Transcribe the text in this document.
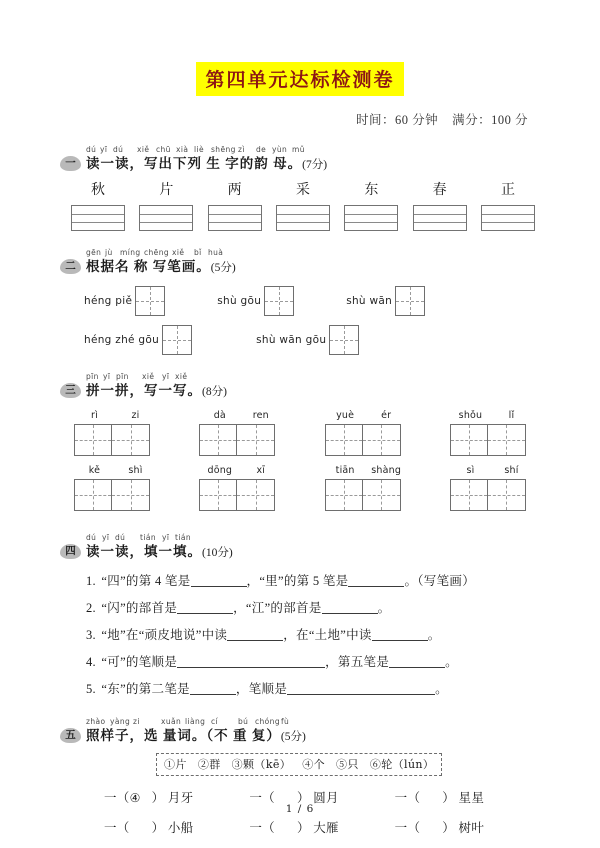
第四单元达标检测卷
时间：60 分钟 满分：100 分
一
dú yī dú xiě chū xià liè shēng zì de yùn mǔ
读一读，写出下列 生 字的韵 母。(7分)
秋	片	两	采	东	春	正
二
gēn jù míng chēng xiě bǐ huà
根据名 称 写笔画。(5分)
héng piě	shù gōu	shù wān
héng zhé gōu	shù wān gōu
三
pīn yī pīn xiě yī xiě
拼一拼，写一写。(8分)
rì	zi	dà	ren	yuè	ér	shǒu	lǐ
kě	shì	dōng	xī	tiān	shàng	sì	shí
四
dú yī dú tián yī tián
读一读，填一填。(10分)
1. “四”的第 4 笔是	，“里”的第 5 笔是	。（写笔画）
2. “闪”的部首是	，“江”的部首是	。
3. “地”在“顽皮地说”中读	，在“土地”中读	。
4. “可”的笔顺是	，第五笔是	。
5. “东”的第二笔是	，笔顺是	。
五
zhào yàng zi	xuǎn liàng cí	bú chóngfù
照样子，选 量词。（不 重 复）(5分)
①片 ②群 ③颗（kē） ④个 ⑤只 ⑥轮（lún）
一（④ ） 月牙	一（ ） 圆月	一（ ） 星星
一（ ） 小船	一（ ） 大雁	一（ ） 树叶
1 / 6
